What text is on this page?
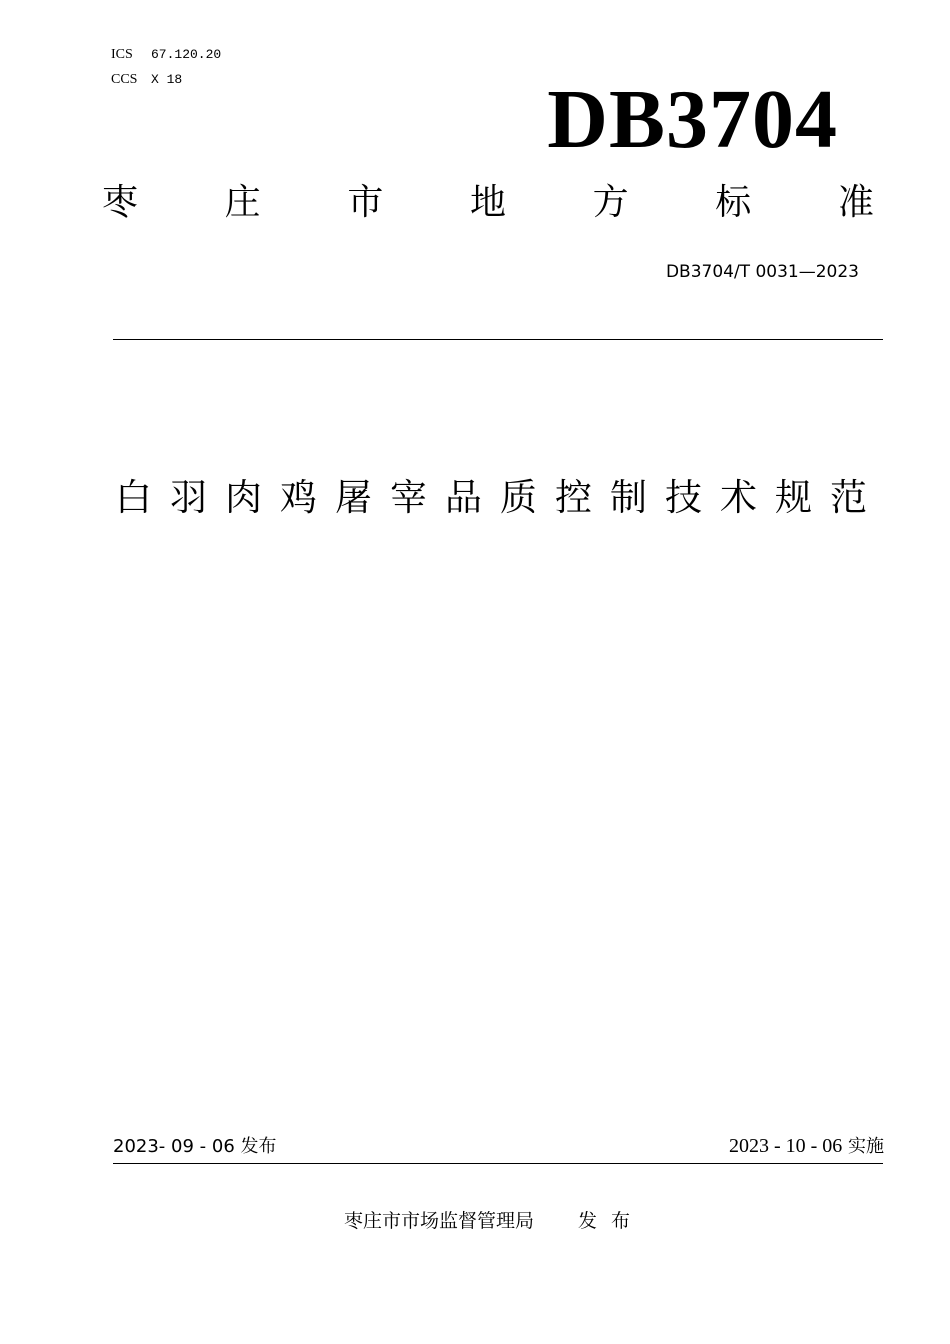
ICS 67.120.20
CCS X 18	DB3704
枣 庄 市 地 方 标 准
DB3704/T 0031—2023
白羽肉鸡屠宰品质控制技术规范
2023- 09 - 06 发布	2023 - 10 - 06 实施
枣庄市市场监督管理局 发布
